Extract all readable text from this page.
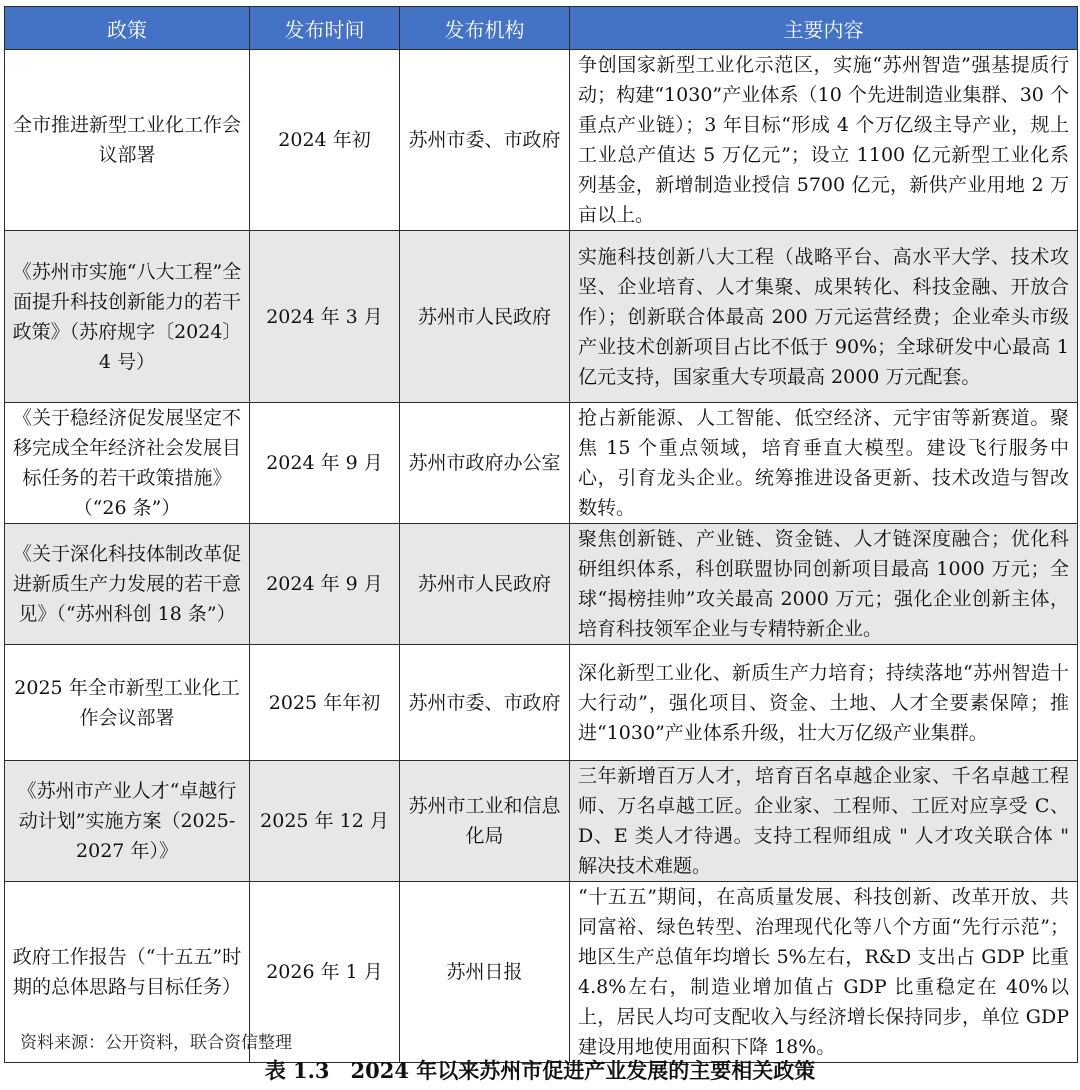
政策	发布时间	发布机构	主要内容
全市推进新型工业化工作会议部署	2024 年初	苏州市委、市政府	争创国家新型工业化示范区，实施“苏州智造”强基提质行动；构建“1030”产业体系（10 个先进制造业集群、30 个重点产业链）；3 年目标“形成 4 个万亿级主导产业，规上工业总产值达 5 万亿元”；设立 1100 亿元新型工业化系列基金，新增制造业授信 5700 亿元，新供产业用地 2 万亩以上。
《苏州市实施“八大工程”全面提升科技创新能力的若干政策》（苏府规字〔2024〕4 号）	2024 年 3 月	苏州市人民政府	实施科技创新八大工程（战略平台、高水平大学、技术攻坚、企业培育、人才集聚、成果转化、科技金融、开放合作）；创新联合体最高 200 万元运营经费；企业牵头市级产业技术创新项目占比不低于 90%；全球研发中心最高 1 亿元支持，国家重大专项最高 2000 万元配套。
《关于稳经济促发展坚定不移完成全年经济社会发展目标任务的若干政策措施》（“26 条”）	2024 年 9 月	苏州市政府办公室	抢占新能源、人工智能、低空经济、元宇宙等新赛道。聚焦 15 个重点领域，培育垂直大模型。建设飞行服务中心，引育龙头企业。统筹推进设备更新、技术改造与智改数转。
《关于深化科技体制改革促进新质生产力发展的若干意见》（“苏州科创 18 条”）	2024 年 9 月	苏州市人民政府	聚焦创新链、产业链、资金链、人才链深度融合；优化科研组织体系，科创联盟协同创新项目最高 1000 万元；全球“揭榜挂帅”攻关最高 2000 万元；强化企业创新主体，培育科技领军企业与专精特新企业。
2025 年全市新型工业化工作会议部署	2025 年年初	苏州市委、市政府	深化新型工业化、新质生产力培育；持续落地“苏州智造十大行动”，强化项目、资金、土地、人才全要素保障；推进“1030”产业体系升级，壮大万亿级产业集群。
《苏州市产业人才“卓越行动计划”实施方案（2025-2027 年）》	2025 年 12 月	苏州市工业和信息化局	三年新增百万人才，培育百名卓越企业家、千名卓越工程师、万名卓越工匠。企业家、工程师、工匠对应享受 C、D、E 类人才待遇。支持工程师组成 " 人才攻关联合体 " 解决技术难题。
政府工作报告（“十五五”时期的总体思路与目标任务）	2026 年 1 月	苏州日报	“十五五”期间，在高质量发展、科技创新、改革开放、共同富裕、绿色转型、治理现代化等八个方面“先行示范”；地区生产总值年均增长 5%左右，R&D 支出占 GDP 比重 4.8%左右，制造业增加值占 GDP 比重稳定在 40%以上，居民人均可支配收入与经济增长保持同步，单位 GDP 建设用地使用面积下降 18%。
资料来源：公开资料，联合资信整理
表 1.3　2024 年以来苏州市促进产业发展的主要相关政策
